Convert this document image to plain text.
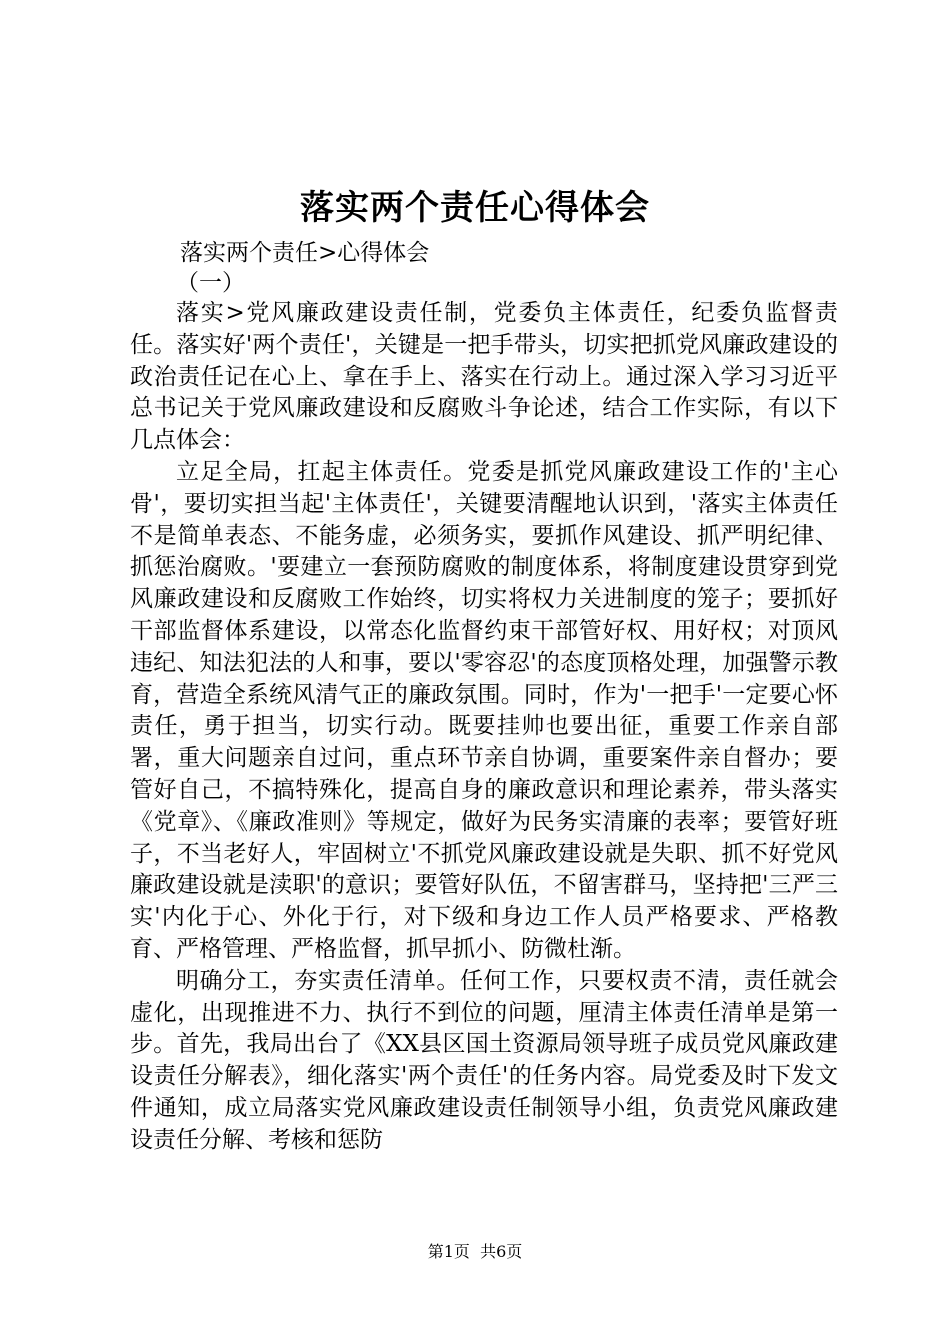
落实两个责任心得体会
落实两个责任>心得体会
（一）

落实>党风廉政建设责任制，党委负主体责任，纪委负监督责任。落实好'两个责任'，关键是一把手带头，切实把抓党风廉政建设的政治责任记在心上、拿在手上、落实在行动上。通过深入学习习近平总书记关于党风廉政建设和反腐败斗争论述，结合工作实际，有以下几点体会：

立足全局，扛起主体责任。党委是抓党风廉政建设工作的'主心骨'，要切实担当起'主体责任'，关键要清醒地认识到，'落实主体责任不是简单表态、不能务虚，必须务实，要抓作风建设、抓严明纪律、抓惩治腐败。'要建立一套预防腐败的制度体系，将制度建设贯穿到党风廉政建设和反腐败工作始终，切实将权力关进制度的笼子；要抓好干部监督体系建设，以常态化监督约束干部管好权、用好权；对顶风违纪、知法犯法的人和事，要以'零容忍'的态度顶格处理，加强警示教育，营造全系统风清气正的廉政氛围。同时，作为'一把手'一定要心怀责任，勇于担当，切实行动。既要挂帅也要出征，重要工作亲自部署，重大问题亲自过问，重点环节亲自协调，重要案件亲自督办；要管好自己，不搞特殊化，提高自身的廉政意识和理论素养，带头落实《党章》、《廉政准则》等规定，做好为民务实清廉的表率；要管好班子，不当老好人，牢固树立'不抓党风廉政建设就是失职、抓不好党风廉政建设就是渎职'的意识；要管好队伍，不留害群马，坚持把'三严三实'内化于心、外化于行，对下级和身边工作人员严格要求、严格教育、严格管理、严格监督，抓早抓小、防微杜渐。

明确分工，夯实责任清单。任何工作，只要权责不清，责任就会虚化，出现推进不力、执行不到位的问题，厘清主体责任清单是第一步。首先，我局出台了《XX县区国土资源局领导班子成员党风廉政建设责任分解表》，细化落实'两个责任'的任务内容。局党委及时下发文件通知，成立局落实党风廉政建设责任制领导小组，负责党风廉政建设责任分解、考核和惩防

第1页  共6页
